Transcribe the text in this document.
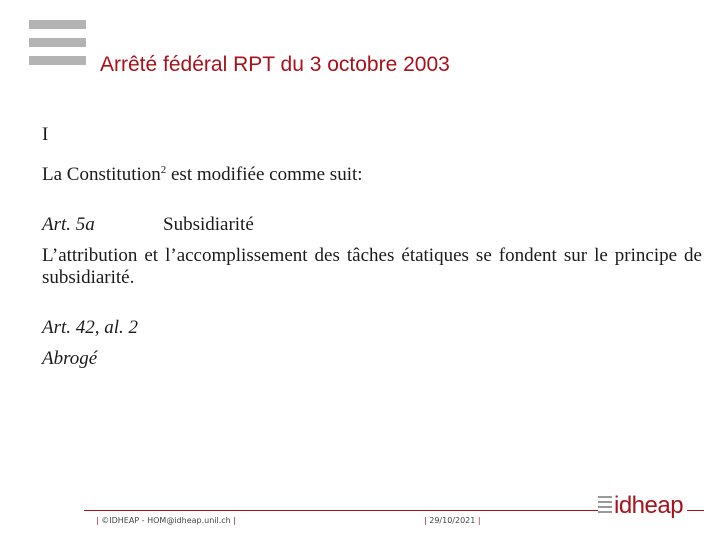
Arrêté fédéral RPT du 3 octobre 2003
I
La Constitution$^2$ est modifiée comme suit:
Art. 5a	Subsidiarité
L’attribution et l’accomplissement des tâches étatiques se fondent sur le principe de subsidiarité.
Art. 42, al. 2
Abrogé
| ©IDHEAP - HOM@idheap.unil.ch |	| 29/10/2021 |
idheap
